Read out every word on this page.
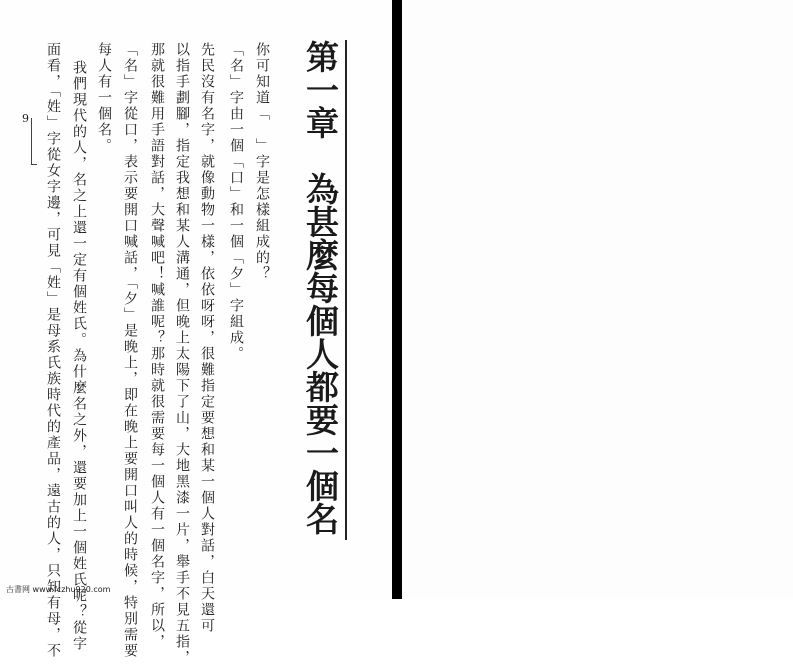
第一章　為甚麼每個人都要一個名
你可知道「　」字是怎樣組成的？
「名」字由一個「口」和一個「夕」字組成。
先民沒有名字，就像動物一樣，依依呀呀，很難指定要想和某一個人對話，白天還可
以指手劃腳，指定我想和某人溝通，但晚上太陽下了山，大地黑漆一片，舉手不見五指，
那就很難用手語對話，大聲喊吧！喊誰呢？那時就很需要每一個人有一個名字，所以，
「名」字從口，表示要開口喊話，「夕」是晚上，即在晚上要開口叫人的時候，特別需要
每人有一個名。
我們現代的人，名之上還一定有個姓氏。為什麼名之外，還要加上一個姓氏呢？從字
面看，「姓」字從女字邊，可見「姓」是母系氏族時代的產品，遠古的人，只知有母，不
9
古書网 www.fczhu920.com
